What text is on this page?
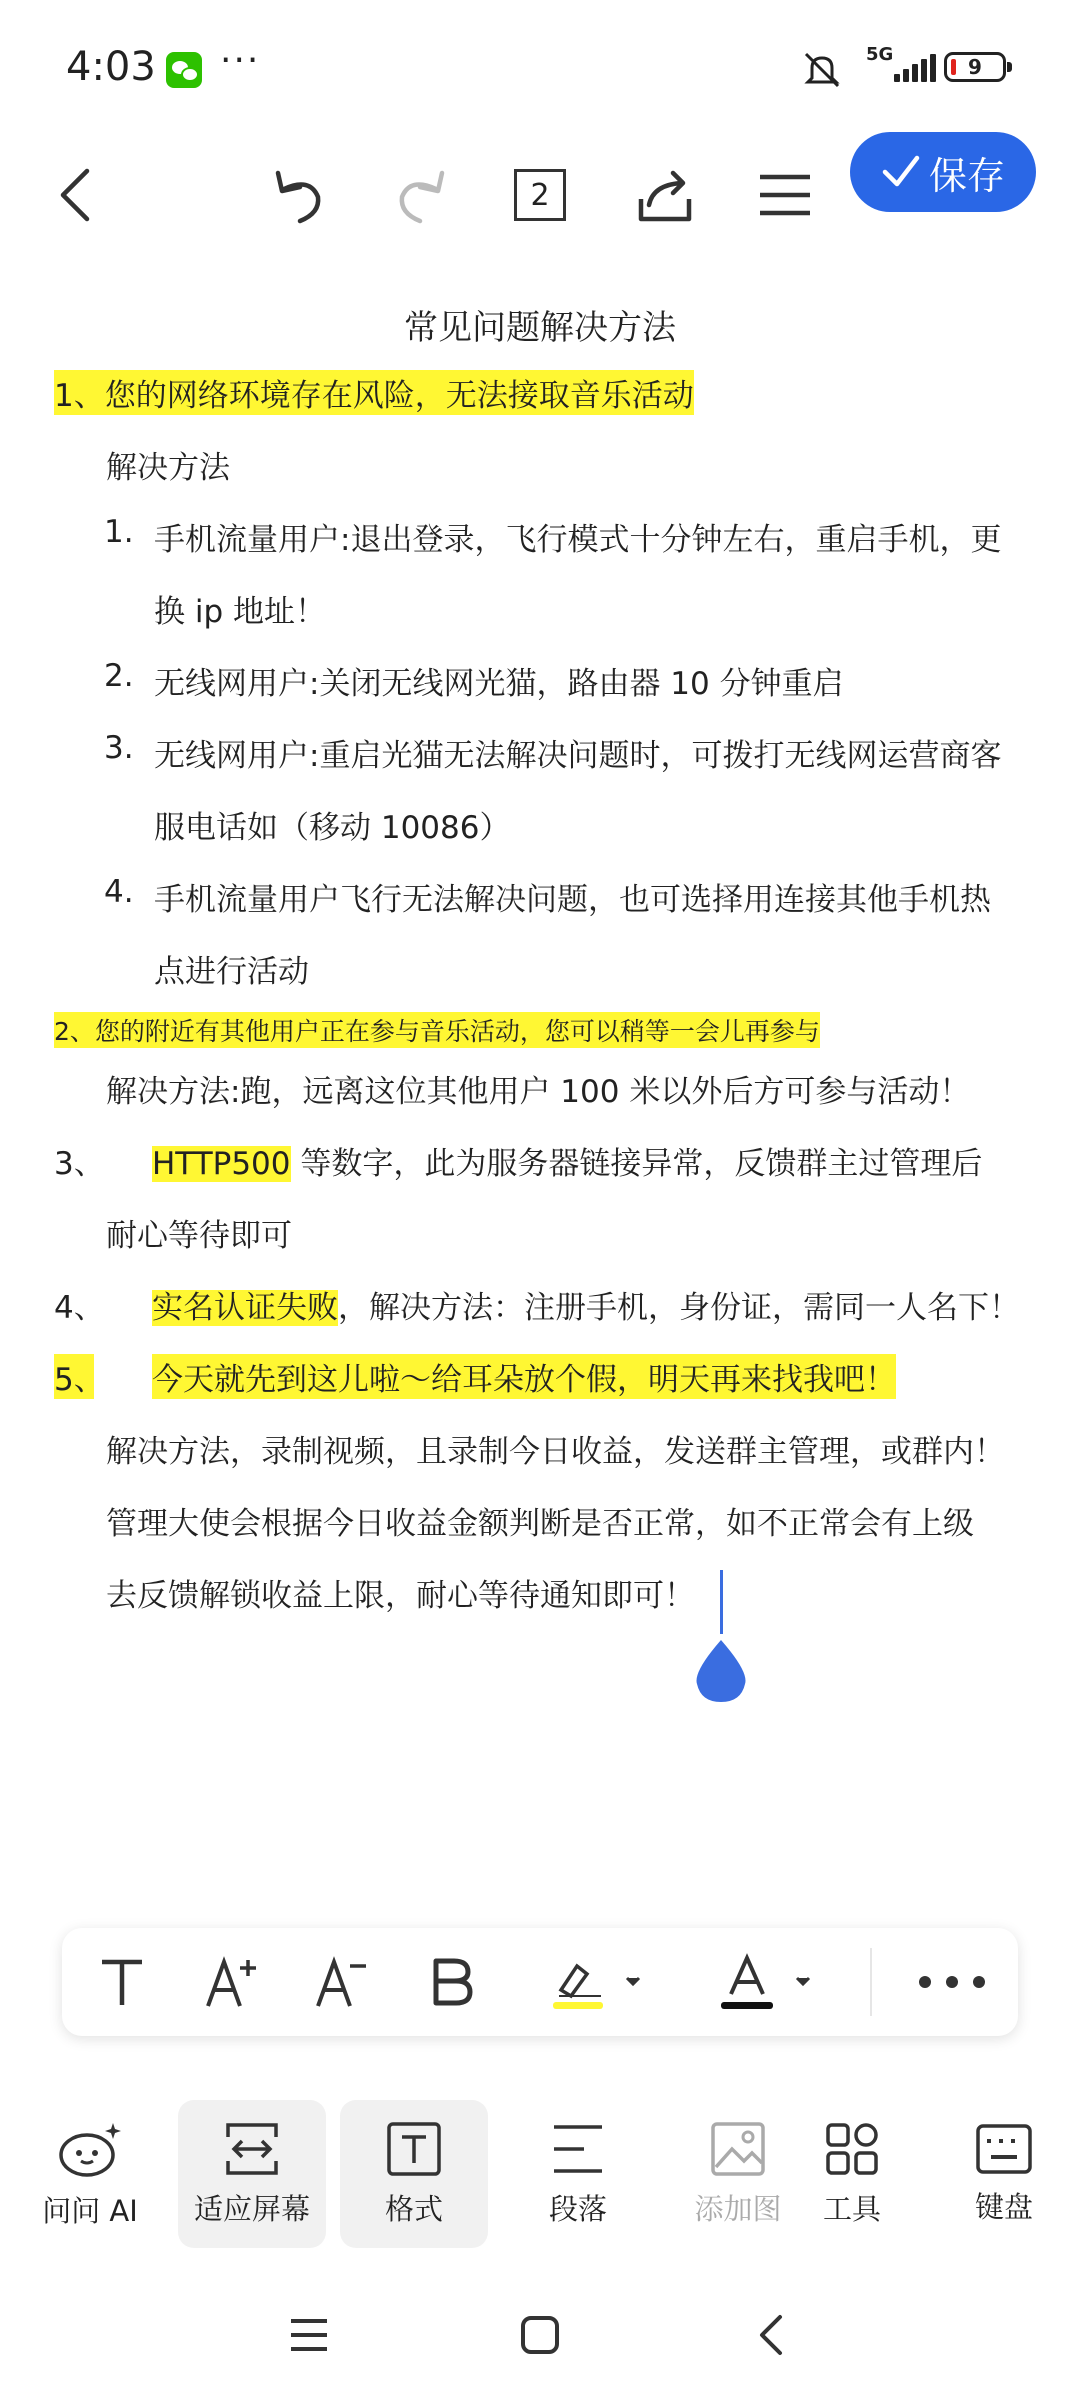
4:03 ···	5G
9
2	保存
常见问题解决方法
1、您的网络环境存在风险，无法接取音乐活动
解决方法
1. 手机流量用户:退出登录，飞行模式十分钟左右，重启手机，更
换 ip 地址！
2. 无线网用户:关闭无线网光猫，路由器 10 分钟重启
3. 无线网用户:重启光猫无法解决问题时，可拨打无线网运营商客
服电话如（移动 10086）
4. 手机流量用户飞行无法解决问题，也可选择用连接其他手机热
点进行活动
2、您的附近有其他用户正在参与音乐活动，您可以稍等一会儿再参与
解决方法:跑，远离这位其他用户 100 米以外后方可参与活动！
3、 HTTP500 等数字，此为服务器链接异常，反馈群主过管理后
耐心等待即可
4、 实名认证失败，解决方法：注册手机，身份证，需同一人名下！
5、 今天就先到这儿啦～给耳朵放个假，明天再来找我吧！
解决方法，录制视频，且录制今日收益，发送群主管理，或群内！
管理大使会根据今日收益金额判断是否正常，如不正常会有上级
去反馈解锁收益上限，耐心等待通知即可！
问问 AI 适应屏幕	格式	段落	添加图 工具	键盘
